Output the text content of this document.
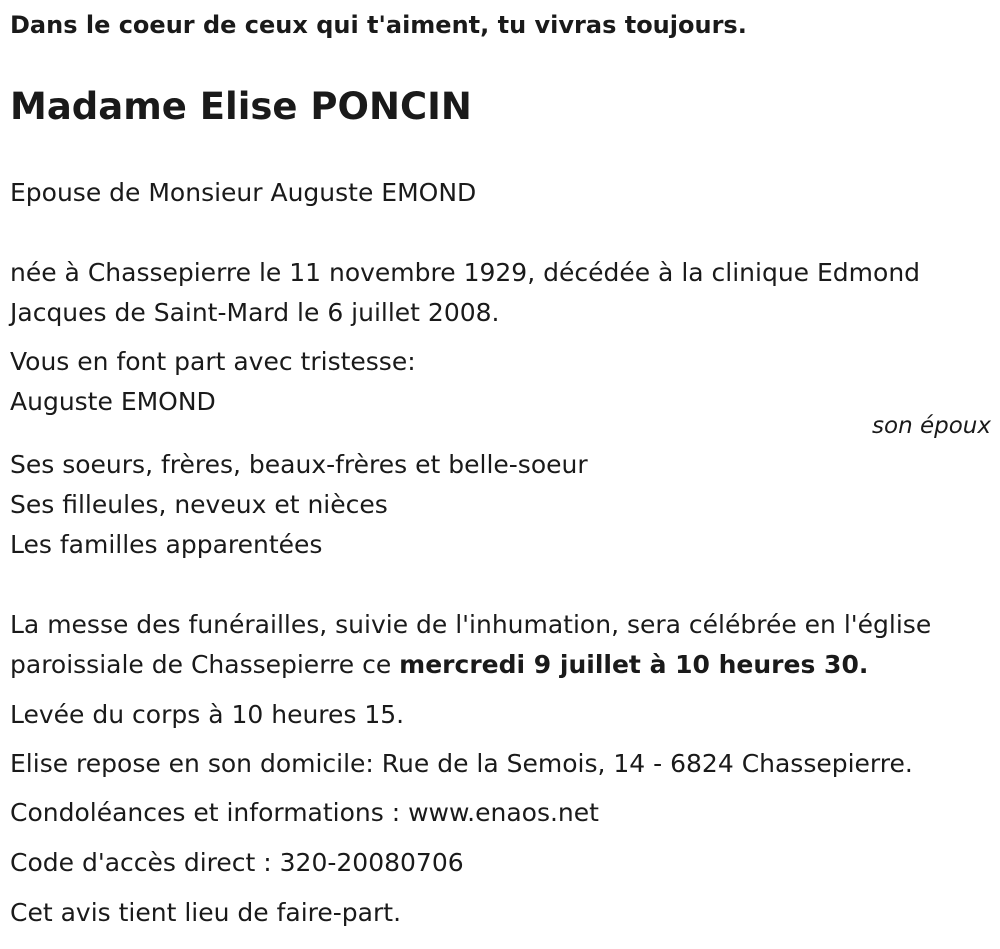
Dans le coeur de ceux qui t'aiment, tu vivras toujours.
Madame Elise PONCIN
Epouse de Monsieur Auguste EMOND
née à Chassepierre le 11 novembre 1929, décédée à la clinique Edmond
Jacques de Saint-Mard le 6 juillet 2008.
Vous en font part avec tristesse:
Auguste EMOND
son époux
Ses soeurs, frères, beaux-frères et belle-soeur
Ses filleules, neveux et nièces
Les familles apparentées
La messe des funérailles, suivie de l'inhumation, sera célébrée en l'église
paroissiale de Chassepierre ce mercredi 9 juillet à 10 heures 30.
Levée du corps à 10 heures 15.
Elise repose en son domicile: Rue de la Semois, 14 - 6824 Chassepierre.
Condoléances et informations : www.enaos.net
Code d'accès direct : 320-20080706
Cet avis tient lieu de faire-part.
